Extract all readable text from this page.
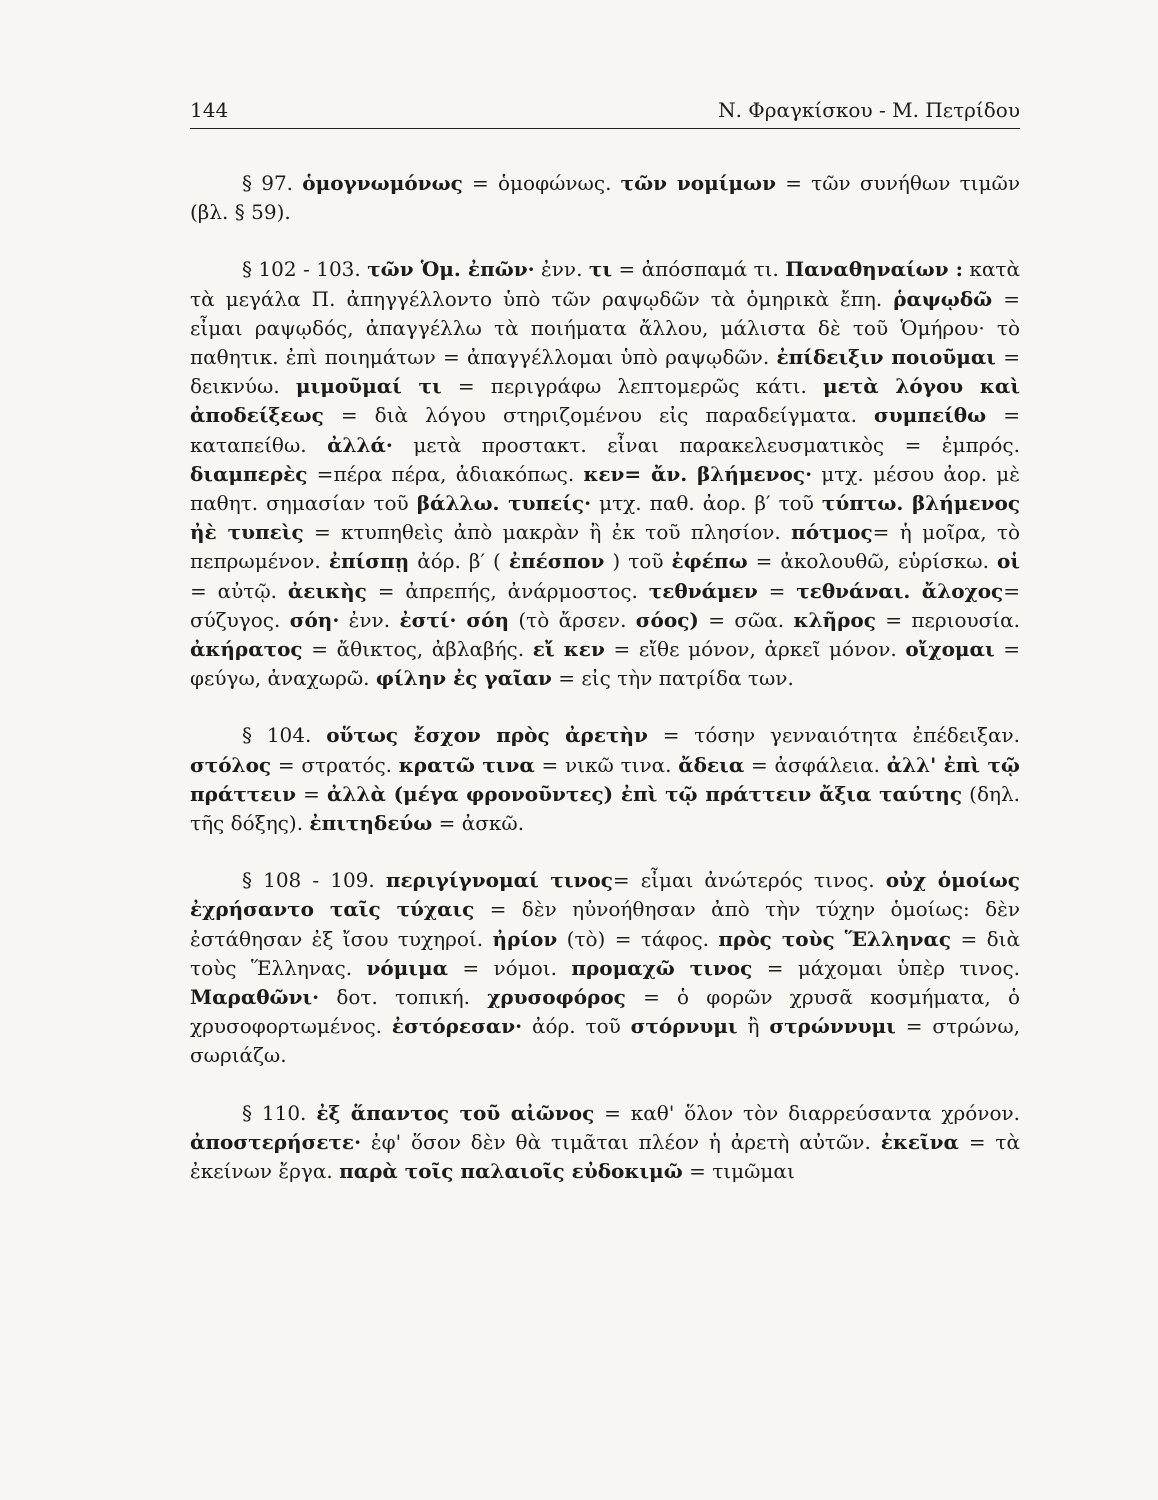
144	Ν. Φραγκίσκου - Μ. Πετρίδου

§ 97. ὁμογνωμόνως = ὁμοφώνως. τῶν νομίμων = τῶν συνήθων τιμῶν (βλ. § 59).

§ 102 - 103. τῶν Ὁμ. ἐπῶν· ἐνν. τι = ἀπόσπαμά τι. Παναθηναίων : κατὰ τὰ μεγάλα Π. ἀπηγγέλλοντο ὑπὸ τῶν ραψῳδῶν τὰ ὁμηρικὰ ἔπη. ῥαψῳδῶ = εἶμαι ραψῳδός, ἀπαγγέλλω τὰ ποιήματα ἄλλου, μάλιστα δὲ τοῦ Ὁμήρου· τὸ παθητικ. ἐπὶ ποιημάτων = ἀπαγγέλλομαι ὑπὸ ραψῳδῶν. ἐπίδειξιν ποιοῦμαι = δεικνύω. μιμοῦμαί τι = περιγράφω λεπτομερῶς κάτι. μετὰ λόγου καὶ ἀποδείξεως = διὰ λόγου στηριζομένου εἰς παραδείγματα. συμπείθω = καταπείθω. ἀλλά· μετὰ προστακτ. εἶναι παρακελευσματικὸς = ἐμπρός. διαμπερὲς =πέρα πέρα, ἀδιακόπως. κεν= ἄν. βλήμενος· μτχ. μέσου ἀορ. μὲ παθητ. σημασίαν τοῦ βάλλω. τυπείς· μτχ. παθ. ἀορ. β′ τοῦ τύπτω. βλήμενος ἠὲ τυπεὶς = κτυπηθεὶς ἀπὸ μακρὰν ἢ ἐκ τοῦ πλησίον. πότμος= ἡ μοῖρα, τὸ πεπρωμένον. ἐπίσπῃ ἀόρ. β′ ( ἐπέσπον ) τοῦ ἐφέπω = ἀκολουθῶ, εὑρίσκω. οἱ = αὐτῷ. ἀεικὴς = ἀπρεπής, ἀνάρμοστος. τεθνάμεν = τεθνάναι. ἄλοχος= σύζυγος. σόη· ἐνν. ἐστί· σόη (τὸ ἄρσεν. σόος) = σῶα. κλῆρος = περιουσία. ἀκήρατος = ἄθικτος, ἀβλαβής. εἴ κεν = εἴθε μόνον, ἀρκεῖ μόνον. οἴχομαι = φεύγω, ἀναχωρῶ. φίλην ἐς γαῖαν = εἰς τὴν πατρίδα των.

§ 104. οὕτως ἔσχον πρὸς ἀρετὴν = τόσην γενναιότητα ἐπέδειξαν. στόλος = στρατός. κρατῶ τινα = νικῶ τινα. ἄδεια = ἀσφάλεια. ἀλλ' ἐπὶ τῷ πράττειν = ἀλλὰ (μέγα φρονοῦντες) ἐπὶ τῷ πράττειν ἄξια ταύτης (δηλ. τῆς δόξης). ἐπιτηδεύω = ἀσκῶ.

§ 108 - 109. περιγίγνομαί τινος= εἶμαι ἀνώτερός τινος. οὐχ ὁμοίως ἐχρήσαντο ταῖς τύχαις = δὲν ηὐνοήθησαν ἀπὸ τὴν τύχην ὁμοίως: δὲν ἐστάθησαν ἐξ ἴσου τυχηροί. ἠρίον (τὸ) = τάφος. πρὸς τοὺς Ἕλληνας = διὰ τοὺς Ἕλληνας. νόμιμα = νόμοι. προμαχῶ τινος = μάχομαι ὑπὲρ τινος. Μαραθῶνι· δοτ. τοπική. χρυσοφόρος = ὁ φορῶν χρυσᾶ κοσμήματα, ὁ χρυσοφορτωμένος. ἐστόρεσαν· ἀόρ. τοῦ στόρνυμι ἢ στρώννυμι = στρώνω, σωριάζω.

§ 110. ἐξ ἅπαντος τοῦ αἰῶνος = καθ' ὅλον τὸν διαρρεύσαντα χρόνον. ἀποστερήσετε· ἐφ' ὅσον δὲν θὰ τιμᾶται πλέον ἡ ἀρετὴ αὐτῶν. ἐκεῖνα = τὰ ἐκείνων ἔργα. παρὰ τοῖς παλαιοῖς εὐδοκιμῶ = τιμῶμαι
